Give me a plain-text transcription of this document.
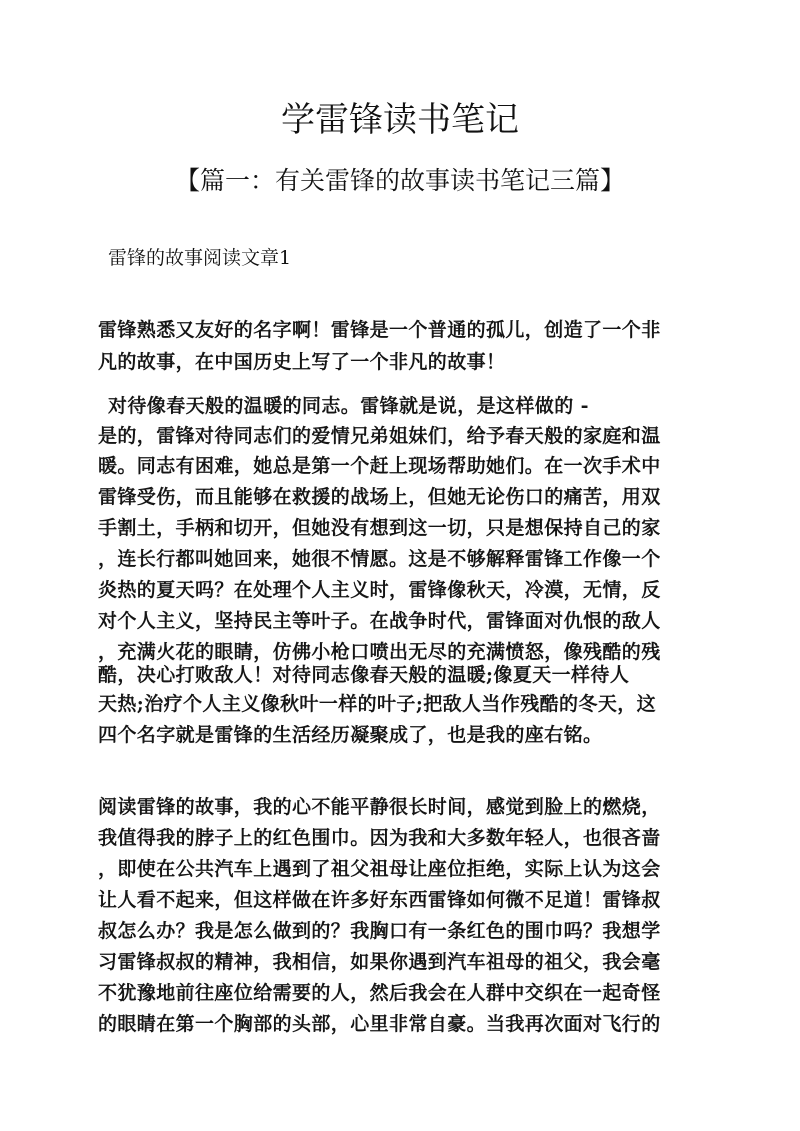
学雷锋读书笔记
【篇一：有关雷锋的故事读书笔记三篇】
雷锋的故事阅读文章1
雷锋熟悉又友好的名字啊！雷锋是一个普通的孤儿，创造了一个非
凡的故事，在中国历史上写了一个非凡的故事！
对待像春天般的温暖的同志。雷锋就是说，是这样做的 -
是的，雷锋对待同志们的爱情兄弟姐妹们，给予春天般的家庭和温
暖。同志有困难，她总是第一个赶上现场帮助她们。在一次手术中
雷锋受伤，而且能够在救援的战场上，但她无论伤口的痛苦，用双
手割土，手柄和切开，但她没有想到这一切，只是想保持自己的家
，连长行都叫她回来，她很不情愿。这是不够解释雷锋工作像一个
炎热的夏天吗？在处理个人主义时，雷锋像秋天，冷漠，无情，反
对个人主义，坚持民主等叶子。在战争时代，雷锋面对仇恨的敌人
，充满火花的眼睛，仿佛小枪口喷出无尽的充满愤怒，像残酷的残
酷，决心打败敌人！对待同志像春天般的温暖;像夏天一样待人
天热;治疗个人主义像秋叶一样的叶子;把敌人当作残酷的冬天，这
四个名字就是雷锋的生活经历凝聚成了，也是我的座右铭。
阅读雷锋的故事，我的心不能平静很长时间，感觉到脸上的燃烧，
我值得我的脖子上的红色围巾。因为我和大多数年轻人，也很吝啬
，即使在公共汽车上遇到了祖父祖母让座位拒绝，实际上认为这会
让人看不起来，但这样做在许多好东西雷锋如何微不足道！雷锋叔
叔怎么办？我是怎么做到的？我胸口有一条红色的围巾吗？我想学
习雷锋叔叔的精神，我相信，如果你遇到汽车祖母的祖父，我会毫
不犹豫地前往座位给需要的人，然后我会在人群中交织在一起奇怪
的眼睛在第一个胸部的头部，心里非常自豪。当我再次面对飞行的
